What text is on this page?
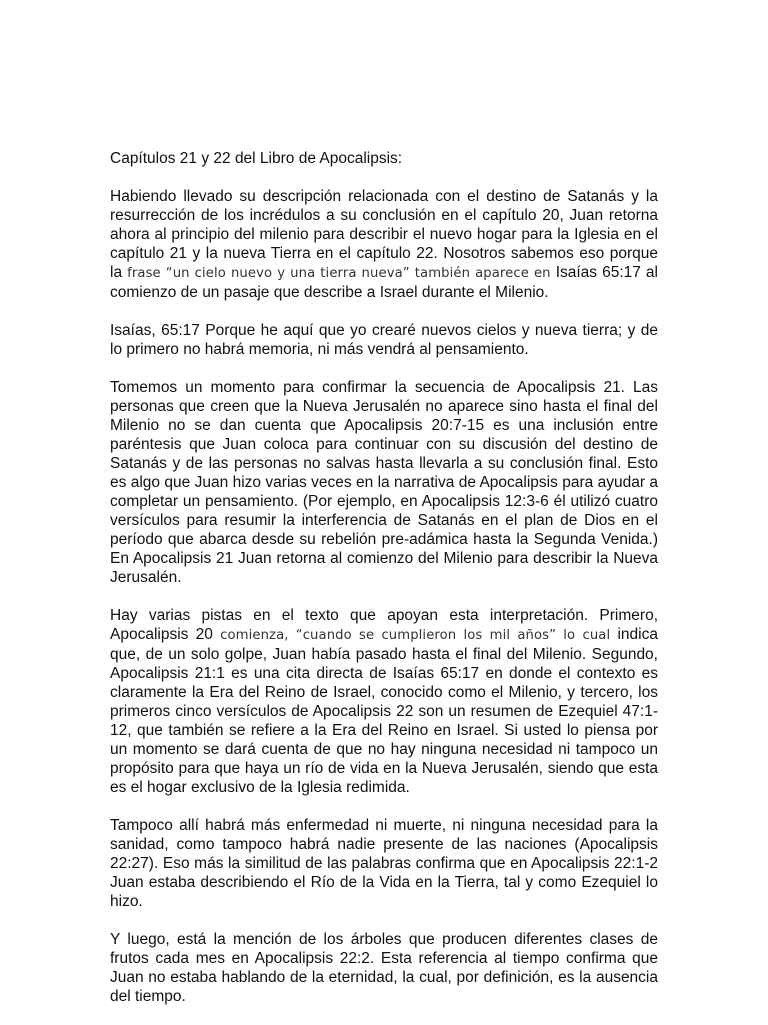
Capítulos 21 y 22 del Libro de Apocalipsis:

Habiendo llevado su descripción relacionada con el destino de Satanás y la resurrección de los incrédulos a su conclusión en el capítulo 20, Juan retorna ahora al principio del milenio para describir el nuevo hogar para la Iglesia en el capítulo 21 y la nueva Tierra en el capítulo 22. Nosotros sabemos eso porque la frase “un cielo nuevo y una tierra nueva” también aparece en Isaías 65:17 al comienzo de un pasaje que describe a Israel durante el Milenio.

Isaías, 65:17 Porque he aquí que yo crearé nuevos cielos y nueva tierra; y de lo primero no habrá memoria, ni más vendrá al pensamiento.

Tomemos un momento para confirmar la secuencia de Apocalipsis 21. Las personas que creen que la Nueva Jerusalén no aparece sino hasta el final del Milenio no se dan cuenta que Apocalipsis 20:7-15 es una inclusión entre paréntesis que Juan coloca para continuar con su discusión del destino de Satanás y de las personas no salvas hasta llevarla a su conclusión final. Esto es algo que Juan hizo varias veces en la narrativa de Apocalipsis para ayudar a completar un pensamiento. (Por ejemplo, en Apocalipsis 12:3-6 él utilizó cuatro versículos para resumir la interferencia de Satanás en el plan de Dios en el período que abarca desde su rebelión pre-adámica hasta la Segunda Venida.) En Apocalipsis 21 Juan retorna al comienzo del Milenio para describir la Nueva Jerusalén.

Hay varias pistas en el texto que apoyan esta interpretación. Primero, Apocalipsis 20 comienza, “cuando se cumplieron los mil años” lo cual indica que, de un solo golpe, Juan había pasado hasta el final del Milenio. Segundo, Apocalipsis 21:1 es una cita directa de Isaías 65:17 en donde el contexto es claramente la Era del Reino de Israel, conocido como el Milenio, y tercero, los primeros cinco versículos de Apocalipsis 22 son un resumen de Ezequiel 47:1-12, que también se refiere a la Era del Reino en Israel. Si usted lo piensa por un momento se dará cuenta de que no hay ninguna necesidad ni tampoco un propósito para que haya un río de vida en la Nueva Jerusalén, siendo que esta es el hogar exclusivo de la Iglesia redimida.

Tampoco allí habrá más enfermedad ni muerte, ni ninguna necesidad para la sanidad, como tampoco habrá nadie presente de las naciones (Apocalipsis 22:27). Eso más la similitud de las palabras confirma que en Apocalipsis 22:1-2 Juan estaba describiendo el Río de la Vida en la Tierra, tal y como Ezequiel lo hizo.

Y luego, está la mención de los árboles que producen diferentes clases de frutos cada mes en Apocalipsis 22:2. Esta referencia al tiempo confirma que Juan no estaba hablando de la eternidad, la cual, por definición, es la ausencia del tiempo.
